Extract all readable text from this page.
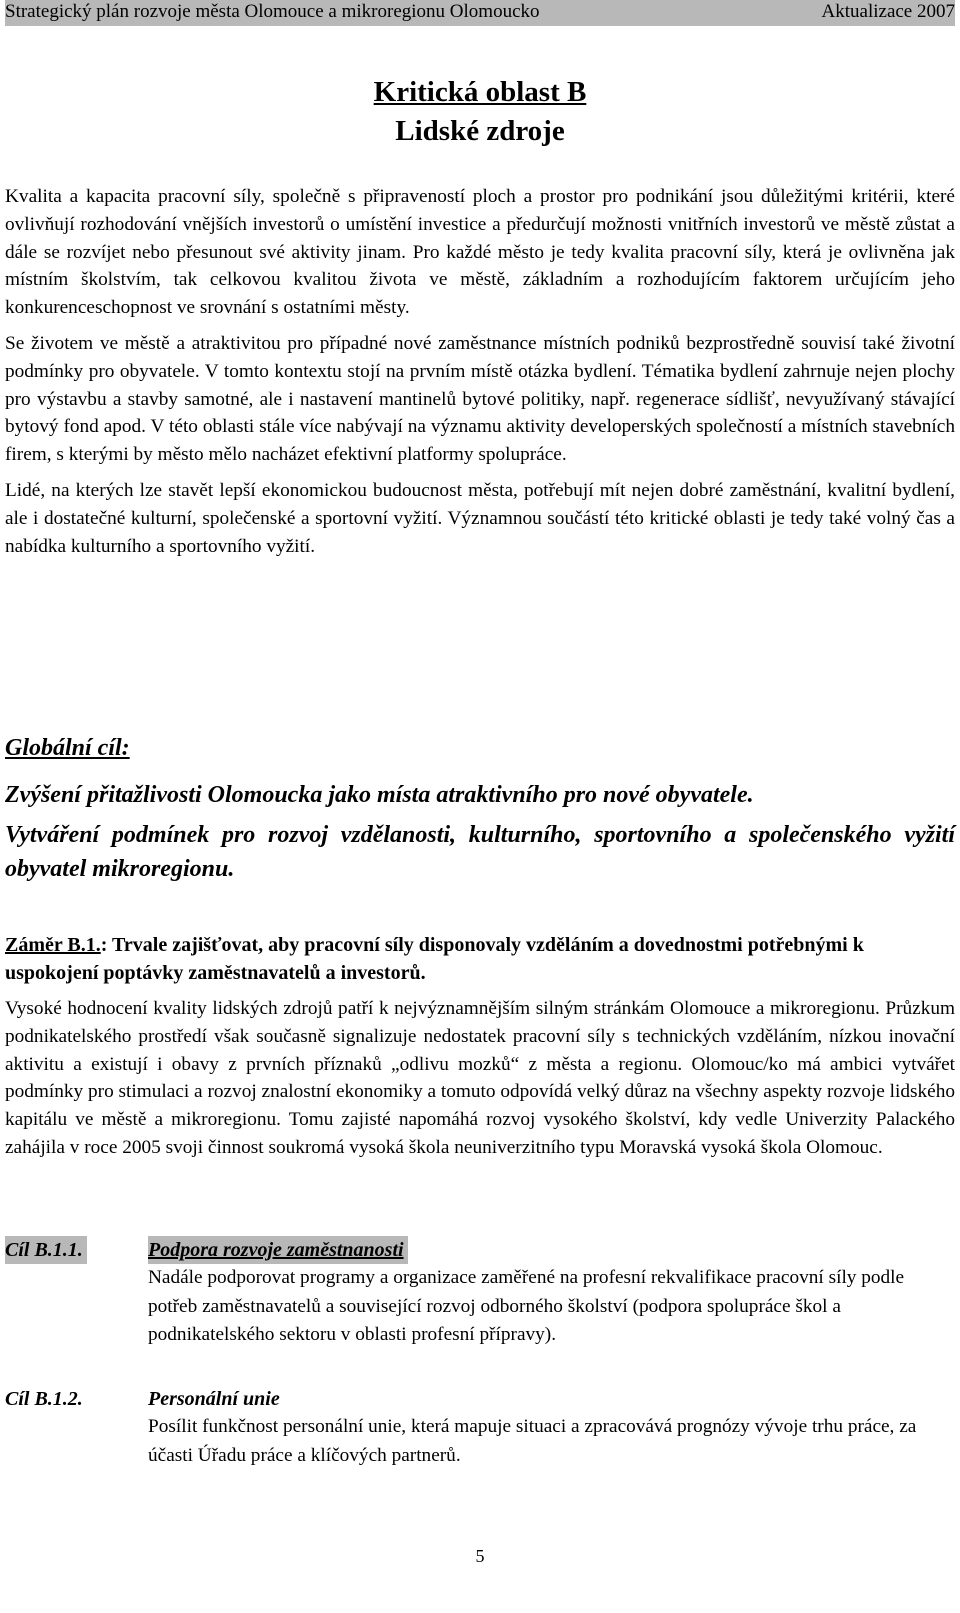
Strategický plán rozvoje města Olomouce a mikroregionu Olomoucko	Aktualizace 2007
Kritická oblast B
Lidské zdroje

Kvalita a kapacita pracovní síly, společně s připraveností ploch a prostor pro podnikání jsou důležitými kritérii, které ovlivňují rozhodování vnějších investorů o umístění investice a předurčují možnosti vnitřních investorů ve městě zůstat a dále se rozvíjet nebo přesunout své aktivity jinam. Pro každé město je tedy kvalita pracovní síly, která je ovlivněna jak místním školstvím, tak celkovou kvalitou života ve městě, základním a rozhodujícím faktorem určujícím jeho konkurenceschopnost ve srovnání s ostatními městy.

Se životem ve městě a atraktivitou pro případné nové zaměstnance místních podniků bezprostředně souvisí také životní podmínky pro obyvatele. V tomto kontextu stojí na prvním místě otázka bydlení. Tématika bydlení zahrnuje nejen plochy pro výstavbu a stavby samotné, ale i nastavení mantinelů bytové politiky, např. regenerace sídlišť, nevyužívaný stávající bytový fond apod. V této oblasti stále více nabývají na významu aktivity developerských společností a místních stavebních firem, s kterými by město mělo nacházet efektivní platformy spolupráce.

Lidé, na kterých lze stavět lepší ekonomickou budoucnost města, potřebují mít nejen dobré zaměstnání, kvalitní bydlení, ale i dostatečné kulturní, společenské a sportovní vyžití. Významnou součástí této kritické oblasti je tedy také volný čas a nabídka kulturního a sportovního vyžití.

Globální cíl:
Zvýšení přitažlivosti Olomoucka jako místa atraktivního pro nové obyvatele.
Vytváření podmínek pro rozvoj vzdělanosti, kulturního, sportovního a společenského vyžití obyvatel mikroregionu.
Záměr B.1.: Trvale zajišťovat, aby pracovní síly disponovaly vzděláním a dovednostmi potřebnými k uspokojení poptávky zaměstnavatelů a investorů.

Vysoké hodnocení kvality lidských zdrojů patří k nejvýznamnějším silným stránkám Olomouce a mikroregionu. Průzkum podnikatelského prostředí však současně signalizuje nedostatek pracovní síly s technických vzděláním, nízkou inovační aktivitu a existují i obavy z prvních příznaků „odlivu mozků“ z města a regionu. Olomouc/ko má ambici vytvářet podmínky pro stimulaci a rozvoj znalostní ekonomiky a tomuto odpovídá velký důraz na všechny aspekty rozvoje lidského kapitálu ve městě a mikroregionu. Tomu zajisté napomáhá rozvoj vysokého školství, kdy vedle Univerzity Palackého zahájila v roce 2005 svoji činnost soukromá vysoká škola neuniverzitního typu Moravská vysoká škola Olomouc.

Cíl B.1.1.	Podpora rozvoje zaměstnanosti
Nadále podporovat programy a organizace zaměřené na profesní rekvalifikace pracovní síly podle potřeb zaměstnavatelů a související rozvoj odborného školství (podpora spolupráce škol a podnikatelského sektoru v oblasti profesní přípravy).
Cíl B.1.2.	Personální unie
Posílit funkčnost personální unie, která mapuje situaci a zpracovává prognózy vývoje trhu práce, za účasti Úřadu práce a klíčových partnerů.
5
